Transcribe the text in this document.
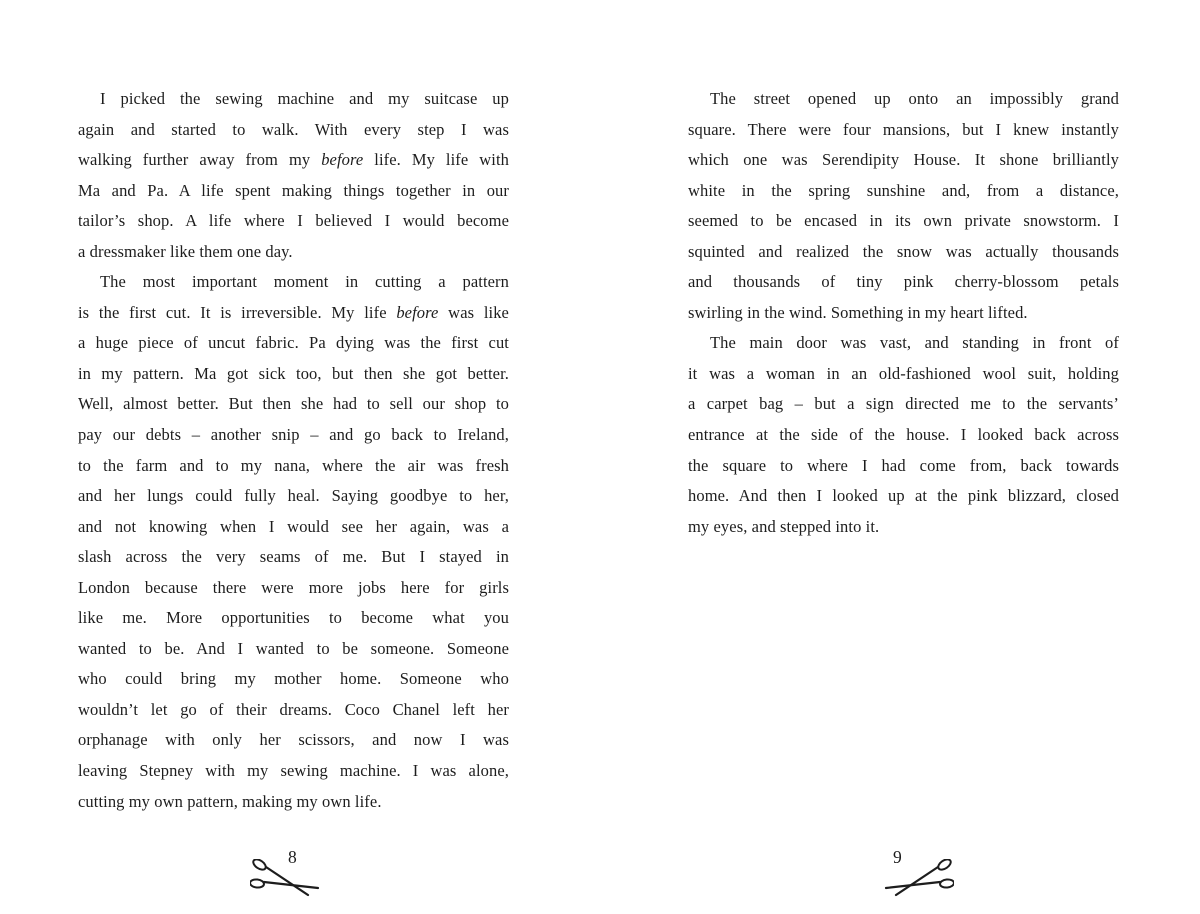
I picked the sewing machine and my suitcase up
again and started to walk. With every step I was
walking further away from my before life. My life with
Ma and Pa. A life spent making things together in our
tailor’s shop. A life where I believed I would become
a dressmaker like them one day.
The most important moment in cutting a pattern
is the first cut. It is irreversible. My life before was like
a huge piece of uncut fabric. Pa dying was the first cut
in my pattern. Ma got sick too, but then she got better.
Well, almost better. But then she had to sell our shop to
pay our debts – another snip – and go back to Ireland,
to the farm and to my nana, where the air was fresh
and her lungs could fully heal. Saying goodbye to her,
and not knowing when I would see her again, was a
slash across the very seams of me. But I stayed in
London because there were more jobs here for girls
like me. More opportunities to become what you
wanted to be. And I wanted to be someone. Someone
who could bring my mother home. Someone who
wouldn’t let go of their dreams. Coco Chanel left her
orphanage with only her scissors, and now I was
leaving Stepney with my sewing machine. I was alone,
cutting my own pattern, making my own life.
8
The street opened up onto an impossibly grand
square. There were four mansions, but I knew instantly
which one was Serendipity House. It shone brilliantly
white in the spring sunshine and, from a distance,
seemed to be encased in its own private snowstorm. I
squinted and realized the snow was actually thousands
and thousands of tiny pink cherry-blossom petals
swirling in the wind. Something in my heart lifted.
The main door was vast, and standing in front of
it was a woman in an old-fashioned wool suit, holding
a carpet bag – but a sign directed me to the servants’
entrance at the side of the house. I looked back across
the square to where I had come from, back towards
home. And then I looked up at the pink blizzard, closed
my eyes, and stepped into it.
9
